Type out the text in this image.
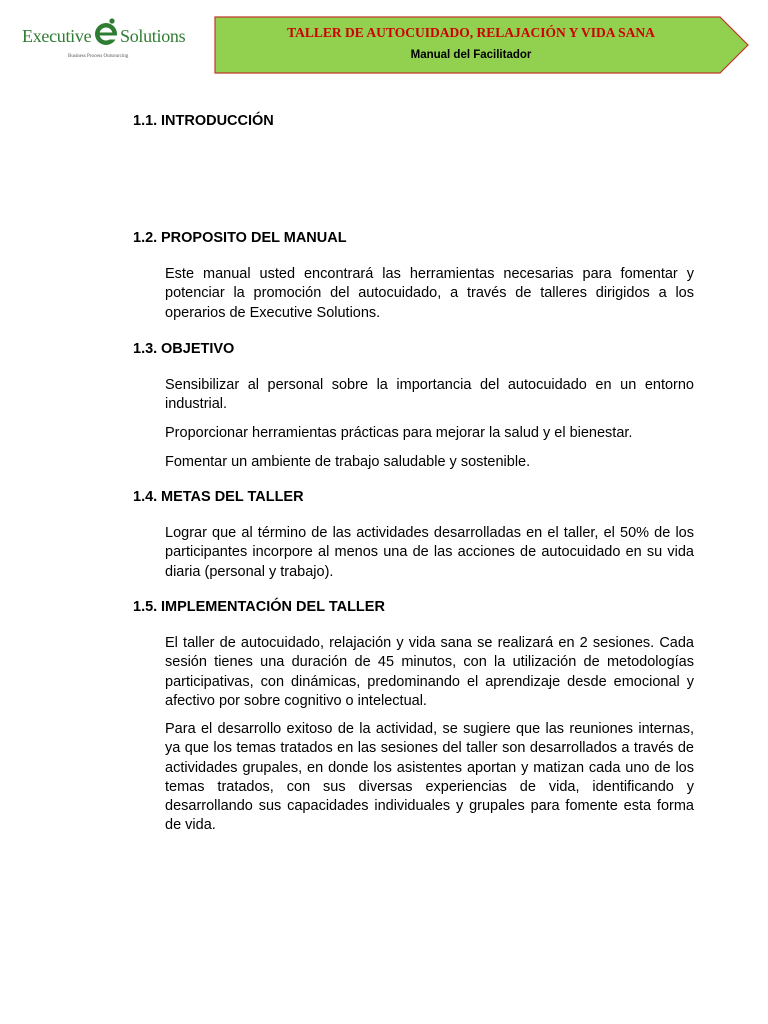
Executive Solutions
Business Process Outsourcing
TALLER DE AUTOCUIDADO, RELAJACIÓN Y VIDA SANA
Manual del Facilitador
1.1. INTRODUCCIÓN
1.2. PROPOSITO DEL MANUAL
Este manual usted encontrará las herramientas necesarias para fomentar y potenciar la promoción del autocuidado, a través de talleres dirigidos a los operarios de Executive Solutions.
1.3. OBJETIVO
Sensibilizar al personal sobre la importancia del autocuidado en un entorno industrial.
Proporcionar herramientas prácticas para mejorar la salud y el bienestar.
Fomentar un ambiente de trabajo saludable y sostenible.
1.4. METAS DEL TALLER
Lograr que al término de las actividades desarrolladas en el taller, el 50% de los participantes incorpore al menos una de las acciones de autocuidado en su vida diaria (personal y trabajo).
1.5. IMPLEMENTACIÓN DEL TALLER
El taller de autocuidado, relajación y vida sana se realizará en 2 sesiones. Cada sesión tienes una duración de 45 minutos, con la utilización de metodologías participativas, con dinámicas, predominando el aprendizaje desde emocional y afectivo por sobre cognitivo o intelectual.
Para el desarrollo exitoso de la actividad, se sugiere que las reuniones internas, ya que los temas tratados en las sesiones del taller son desarrollados a través de actividades grupales, en donde los asistentes aportan y matizan cada uno de los temas tratados, con sus diversas experiencias de vida, identificando y desarrollando sus capacidades individuales y grupales para fomente esta forma de vida.
